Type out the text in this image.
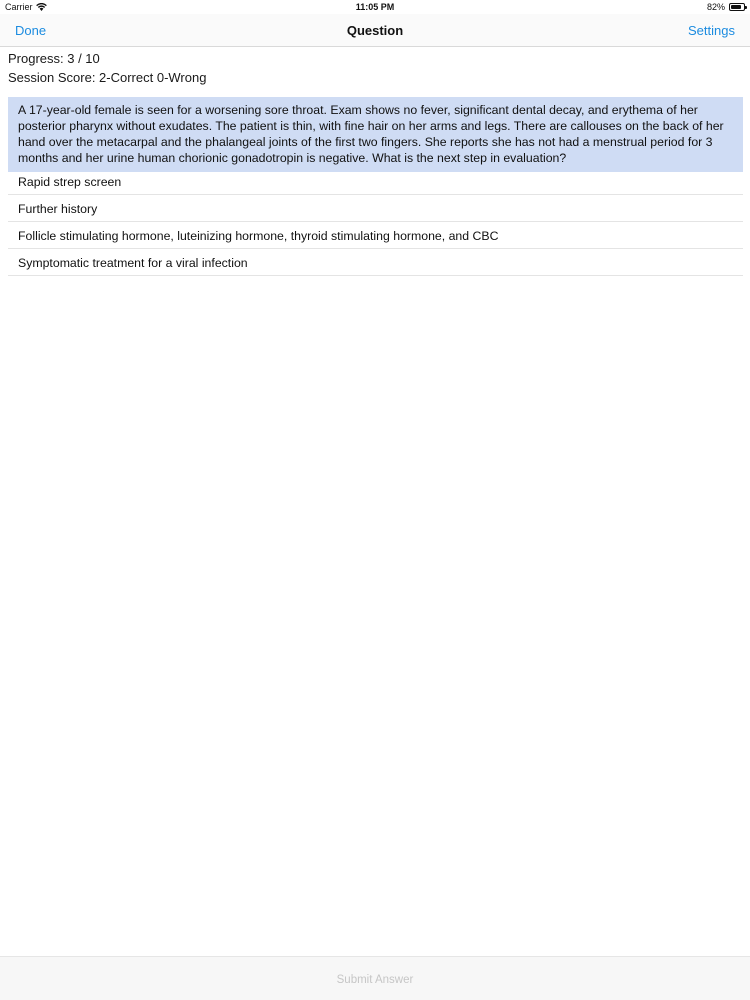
Carrier	11:05 PM	82%
Done	Question	Settings
Progress: 3 / 10
Session Score: 2-Correct 0-Wrong
A 17-year-old female is seen for a worsening sore throat. Exam shows no fever, significant dental decay, and erythema of her posterior pharynx without exudates. The patient is thin, with fine hair on her arms and legs. There are callouses on the back of her hand over the metacarpal and the phalangeal joints of the first two fingers. She reports she has not had a menstrual period for 3 months and her urine human chorionic gonadotropin is negative. What is the next step in evaluation?
Rapid strep screen
Further history
Follicle stimulating hormone, luteinizing hormone, thyroid stimulating hormone, and CBC
Symptomatic treatment for a viral infection
Submit Answer
